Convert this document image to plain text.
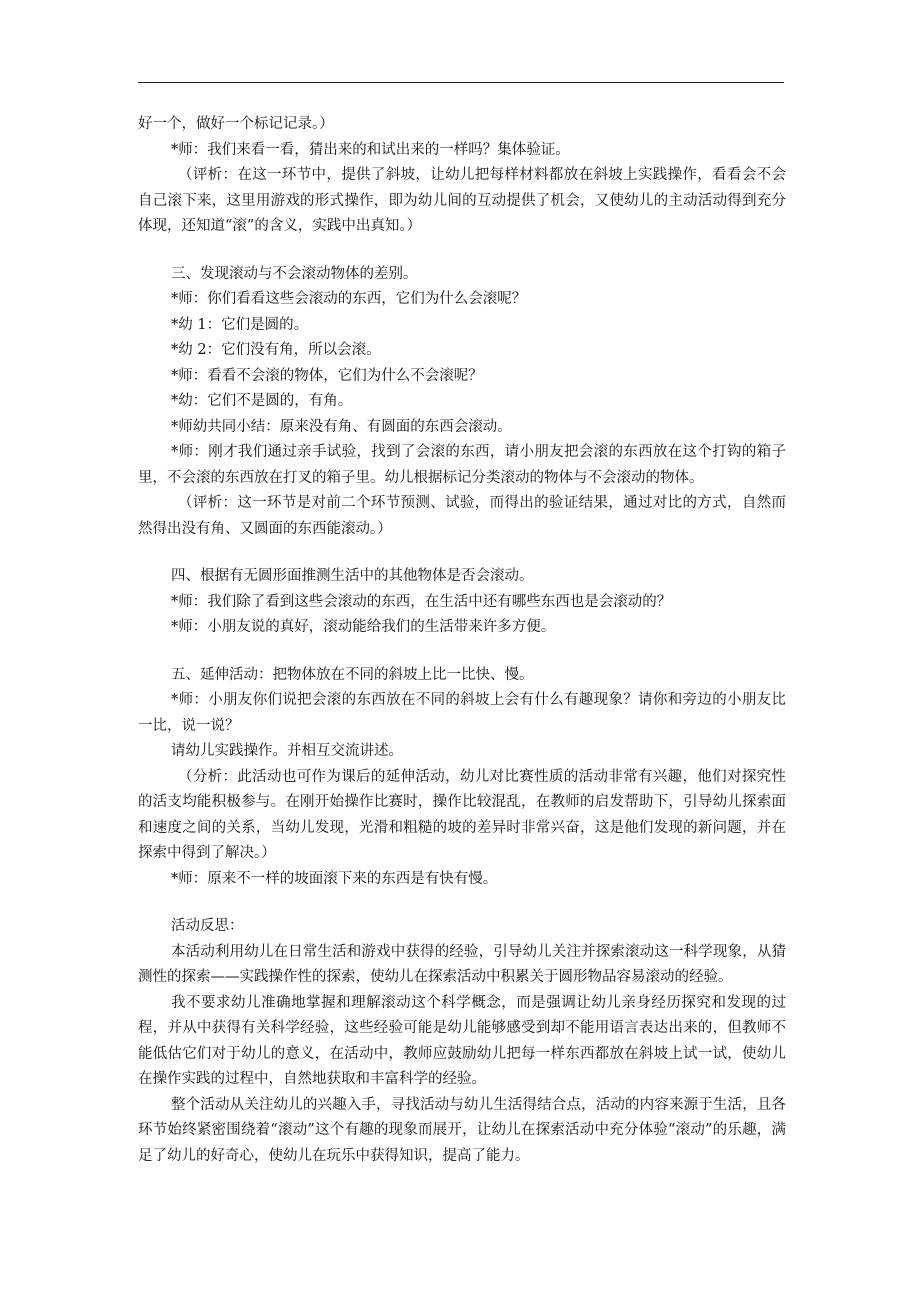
好一个，做好一个标记记录。）

*师：我们来看一看，猜出来的和试出来的一样吗？集体验证。

（评析：在这一环节中，提供了斜坡，让幼儿把每样材料都放在斜坡上实践操作，看看会不会自己滚下来，这里用游戏的形式操作，即为幼儿间的互动提供了机会，又使幼儿的主动活动得到充分体现，还知道“滚”的含义，实践中出真知。）

三、发现滚动与不会滚动物体的差别。

*师：你们看看这些会滚动的东西，它们为什么会滚呢？

*幼 1：它们是圆的。

*幼 2：它们没有角，所以会滚。

*师：看看不会滚的物体，它们为什么不会滚呢？

*幼：它们不是圆的，有角。

*师幼共同小结：原来没有角、有圆面的东西会滚动。

*师：刚才我们通过亲手试验，找到了会滚的东西，请小朋友把会滚的东西放在这个打钩的箱子里，不会滚的东西放在打叉的箱子里。幼儿根据标记分类滚动的物体与不会滚动的物体。

（评析：这一环节是对前二个环节预测、试验，而得出的验证结果，通过对比的方式，自然而然得出没有角、又圆面的东西能滚动。）

四、根据有无圆形面推测生活中的其他物体是否会滚动。

*师：我们除了看到这些会滚动的东西，在生活中还有哪些东西也是会滚动的？

*师：小朋友说的真好，滚动能给我们的生活带来许多方便。

五、延伸活动：把物体放在不同的斜坡上比一比快、慢。

*师：小朋友你们说把会滚的东西放在不同的斜坡上会有什么有趣现象？请你和旁边的小朋友比一比，说一说？

请幼儿实践操作。并相互交流讲述。

（分析：此活动也可作为课后的延伸活动，幼儿对比赛性质的活动非常有兴趣，他们对探究性的活支均能积极参与。在刚开始操作比赛时，操作比较混乱，在教师的启发帮助下，引导幼儿探索面和速度之间的关系，当幼儿发现，光滑和粗糙的坡的差异时非常兴奋，这是他们发现的新问题，并在探索中得到了解决。）

*师：原来不一样的坡面滚下来的东西是有快有慢。

活动反思：

本活动利用幼儿在日常生活和游戏中获得的经验，引导幼儿关注并探索滚动这一科学现象，从猜测性的探索——实践操作性的探索，使幼儿在探索活动中积累关于圆形物品容易滚动的经验。

我不要求幼儿准确地掌握和理解滚动这个科学概念，而是强调让幼儿亲身经历探究和发现的过程，并从中获得有关科学经验，这些经验可能是幼儿能够感受到却不能用语言表达出来的，但教师不能低估它们对于幼儿的意义，在活动中，教师应鼓励幼儿把每一样东西都放在斜坡上试一试，使幼儿在操作实践的过程中，自然地获取和丰富科学的经验。

整个活动从关注幼儿的兴趣入手，寻找活动与幼儿生活得结合点，活动的内容来源于生活，且各环节始终紧密围绕着“滚动”这个有趣的现象而展开，让幼儿在探索活动中充分体验“滚动”的乐趣，满足了幼儿的好奇心，使幼儿在玩乐中获得知识，提高了能力。
